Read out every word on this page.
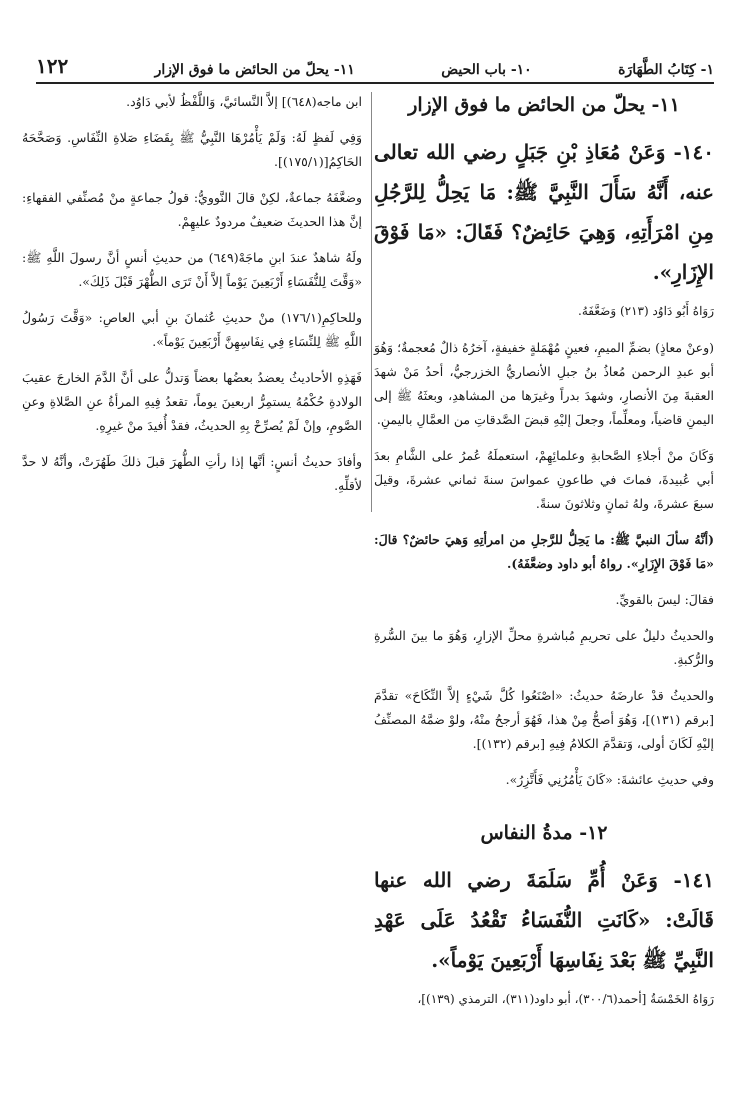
١- كِتَابُ الطَّهَارَة
١٠- باب الحيض
١١- يحلّ من الحائض ما فوق الإزار
١٢٢
١١- يحلّ من الحائض ما فوق الإزار

١٤٠- وَعَنْ مُعَاذِ بْنِ جَبَلٍ رضي الله تعالى عنه، أَنَّهُ سَأَلَ النَّبِيَّ ﷺ: مَا يَحِلُّ لِلرَّجُلِ مِنِ امْرَأَتِهِ، وَهِيَ حَائِضٌ؟ فَقَالَ: «مَا فَوْقَ الإِزَارِ».

رَوَاهُ أَبُو دَاوُد (٢١٣) وَضَعَّفَهُ.

(وعنْ معاذٍ) بضمِّ الميمِ، فعينٍ مُهْمَلةٍ خفيفةٍ، آخرُهُ ذالٌ مُعجمةٌ؛ وَهُوَ أبو عبدِ الرحمن مُعاذُ بنُ جبلِ الأنصاريُّ الخزرجيُّ، أحدُ مَنْ شهدَ العقبةَ مِنَ الأنصارِ، وشهدَ بدراً وغيرَها من المشاهدِ، وبعثَهُ ﷺ إلى اليمنِ قاضياً، ومعلِّماً، وجعلَ إليْهِ قبضَ الصَّدقاتِ من العمَّالِ باليمنِ.

وَكَانَ منْ أجلاءِ الصَّحابةِ وعلمائِهِمْ، استعملَهُ عُمرُ على الشَّامِ بعدَ أبي عُبيدةَ، فماتَ في طاعونِ عمواسَ سنةَ ثماني عشرةَ، وقيلَ سبعَ عشرةَ، ولهُ ثمانٍ وثلاثونَ سنةً.

(أنَّهُ سألَ النبيَّ ﷺ: ما يَحِلُّ للرَّجلِ من امرأتِهِ وَهيَ حائضٌ؟ قالَ: «مَا فَوْقَ الإِزَارِ». رواهُ أبو داود وضعَّفَهُ).

فقالَ: ليسَ بالقويِّ.

والحديثُ دليلٌ على تحريمِ مُباشرةِ محلِّ الإزارِ، وَهُوَ ما بينَ السُّرةِ والرُّكبةِ.

والحديثُ قدْ عارضَهُ حديثُ: «اصْنَعُوا كُلَّ شَيْءٍ إلاَّ النِّكَاحَ» تقدَّمَ [برقم (١٣١)]، وَهُوَ أصحُّ مِنْ هذا، فَهُوَ أرجحُ منْهُ، ولوْ ضمَّهُ المصنِّفُ إليْهِ لَكَانَ أولى، وَتقدَّمَ الكلامُ فِيهِ [برقم (١٣٢)].

وفي حديثِ عائشةَ: «كَانَ يَأْمُرُنِي فَأَتَّزِرُ».

١٢- مدةُ النفاس

١٤١- وَعَنْ أُمِّ سَلَمَةَ رضي الله عنها قَالَتْ: «كَانَتِ النُّفَسَاءُ تَقْعُدُ عَلَى عَهْدِ النَّبِيِّ ﷺ بَعْدَ نِفَاسِهَا أَرْبَعِينَ يَوْماً».

رَوَاهُ الخَمْسَةُ [أحمد(٣٠٠/٦)، أبو داود(٣١١)، الترمذي (١٣٩)]،

ابن ماجه(٦٤٨)] إلاَّ النَّسائيَّ، وَاللَّفْظُ لأبي دَاوُد.

وَفِي لَفظٍ لَهُ: وَلَمْ يَأْمُرْهَا النَّبِيُّ ﷺ بِقَضَاءِ صَلاةِ النِّفَاسِ. وَصَحَّحَهُ الحَاكِمُ[(١٧٥/١)].

وضعَّفَهُ جماعةٌ، لكِنْ قالَ النَّوويُّ: قولُ جماعةٍ منْ مُصنِّفي الفقهاءِ: إنَّ هذا الحديثَ ضعيفٌ مردودٌ عليهِمْ.

ولَهُ شاهدٌ عندَ ابنِ ماجَهْ(٦٤٩) من حديثِ أنسٍ أنَّ رسولَ اللَّهِ ﷺ: «وَقَّتَ لِلنُّفَسَاءِ أَرْبَعِينَ يَوْماً إلاَّ أَنْ تَرَى الطُّهْرَ قَبْلَ ذَلِكَ».

وللحاكِمِ(١٧٦/١) منْ حديثِ عُثمانَ بنِ أبي العاصِ: «وَقَّتَ رَسُولُ اللَّهِ ﷺ لِلنِّسَاءِ فِي نِفَاسِهِنَّ أَرْبَعِينَ يَوْماً».

فَهَذِهِ الأحاديثُ يعضدُ بعضُها بعضاً وَتدلُّ على أنَّ الدَّمَ الخارجَ عقيبَ الولادةِ حُكْمُهُ يستمِرُّ اربعينَ يوماً، تقعدُ فِيهِ المرأةُ عنِ الصَّلاةِ وعنِ الصَّومِ، وإنْ لَمْ يُصرِّحْ بِهِ الحديثُ، فقدْ أُفيدَ منْ غيرِهِ.

وأفادَ حديثُ أنسٍ: أنَّها إذا رأتِ الطُّهرَ قبلَ ذلكَ طَهُرَتْ، وأنَّهُ لا حدَّ لأقلِّهِ.
